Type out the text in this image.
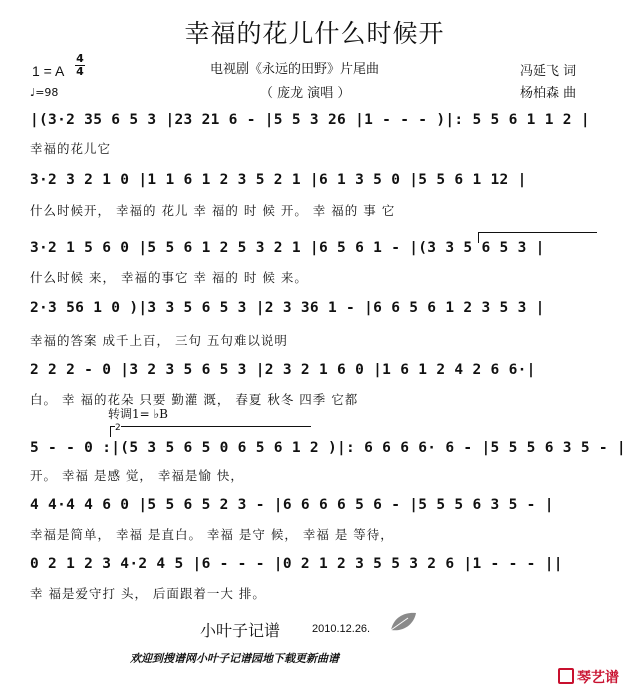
幸福的花儿什么时候开
电视剧《永远的田野》片尾曲
（ 庞龙 演唱 ）
冯延飞 词
杨柏森 曲
1 = A
4
4
♩=98
|(3·2 35 6 5 3 |23 21 6 - |5 5 3 26 |1 - - - )|: 5 5 6 1 1 2 |
幸福的花儿它
3·2 3 2 1 0 |1 1 6 1 2 3 5 2 1 |6 1 3 5 0 |5 5 6 1 12 |
什么时候开， 幸福的 花儿 幸 福的 时 候 开。 幸 福的 事 它
3·2 1 5 6 0 |5 5 6 1 2 5 3 2 1 |6 5 6 1 - |(3 3 5 6 5 3 |
什么时候 来， 幸福的事它 幸 福的 时 候 来。
2·3 56 1 0 )|3 3 5 6 5 3 |2 3 36 1 - |6 6 5 6 1 2 3 5 3 |
幸福的答案 成千上百， 三句 五句难以说明
2 2 2 - 0 |3 2 3 5 6 5 3 |2 3 2 1 6 0 |1 6 1 2 4 2 6 6·|
白。 幸 福的花朵 只要 勤灌 溉， 春夏 秋冬 四季 它都
转调1= ♭B
2
5 - - 0 :|(5 3 5 6 5 0 6 5 6 1 2 )|: 6 6 6 6· 6 - |5 5 5 6 3 5 - |
开。 幸福 是感 觉， 幸福是愉 快，
4 4·4 4 6 0 |5 5 6 5 2 3 - |6 6 6 6 5 6 - |5 5 5 6 3 5 - |
幸福是简单， 幸福 是直白。 幸福 是守 候， 幸福 是 等待，
0 2 1 2 3 4·2 4 5 |6 - - - |0 2 1 2 3 5 5 3 2 6 |1 - - - ||
幸 福是爱守打 头， 后面跟着一大 排。
小叶子记谱	2010.12.26.
欢迎到搜谱网小叶子记谱园地下载更新曲谱
琴艺谱
